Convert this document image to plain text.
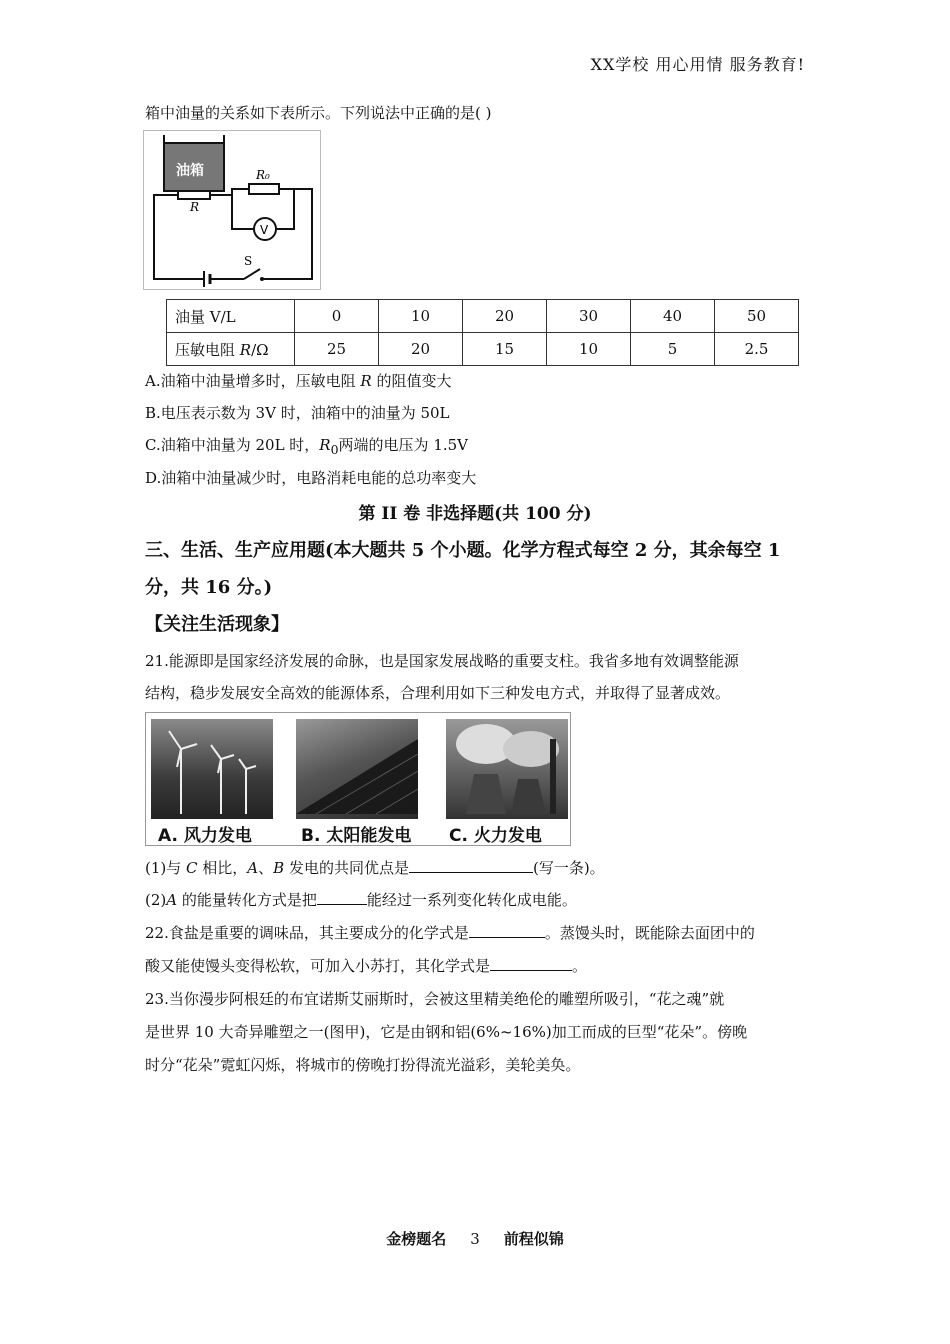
XX学校 用心用情 服务教育!
箱中油量的关系如下表所示。下列说法中正确的是( )
油箱
R
R₀
V
S
油量 V/L	0	10	20	30	40	50
压敏电阻 R/Ω	25	20	15	10	5	2.5
A.油箱中油量增多时，压敏电阻 R 的阻值变大
B.电压表示数为 3V 时，油箱中的油量为 50L
C.油箱中油量为 20L 时，$R_0$两端的电压为 1.5V
D.油箱中油量减少时，电路消耗电能的总功率变大
第 II 卷 非选择题(共 100 分)
三、生活、生产应用题(本大题共 5 个小题。化学方程式每空 2 分，其余每空 1
分，共 16 分。)
【关注生活现象】
21.能源即是国家经济发展的命脉，也是国家发展战略的重要支柱。我省多地有效调整能源
结构，稳步发展安全高效的能源体系，合理利用如下三种发电方式，并取得了显著成效。
A. 风力发电	B. 太阳能发电 C. 火力发电
(1)与 C 相比，A、B 发电的共同优点是	(写一条)。
(2)A 的能量转化方式是把	能经过一系列变化转化成电能。
22.食盐是重要的调味品，其主要成分的化学式是	。蒸馒头时，既能除去面团中的
酸又能使馒头变得松软，可加入小苏打，其化学式是	。
23.当你漫步阿根廷的布宜诺斯艾丽斯时，会被这里精美绝伦的雕塑所吸引，“花之魂”就
是世界 10 大奇异雕塑之一(图甲)，它是由钢和铝(6%~16%)加工而成的巨型“花朵”。傍晚
时分“花朵”霓虹闪烁，将城市的傍晚打扮得流光溢彩，美轮美奂。
金榜题名 3 前程似锦
